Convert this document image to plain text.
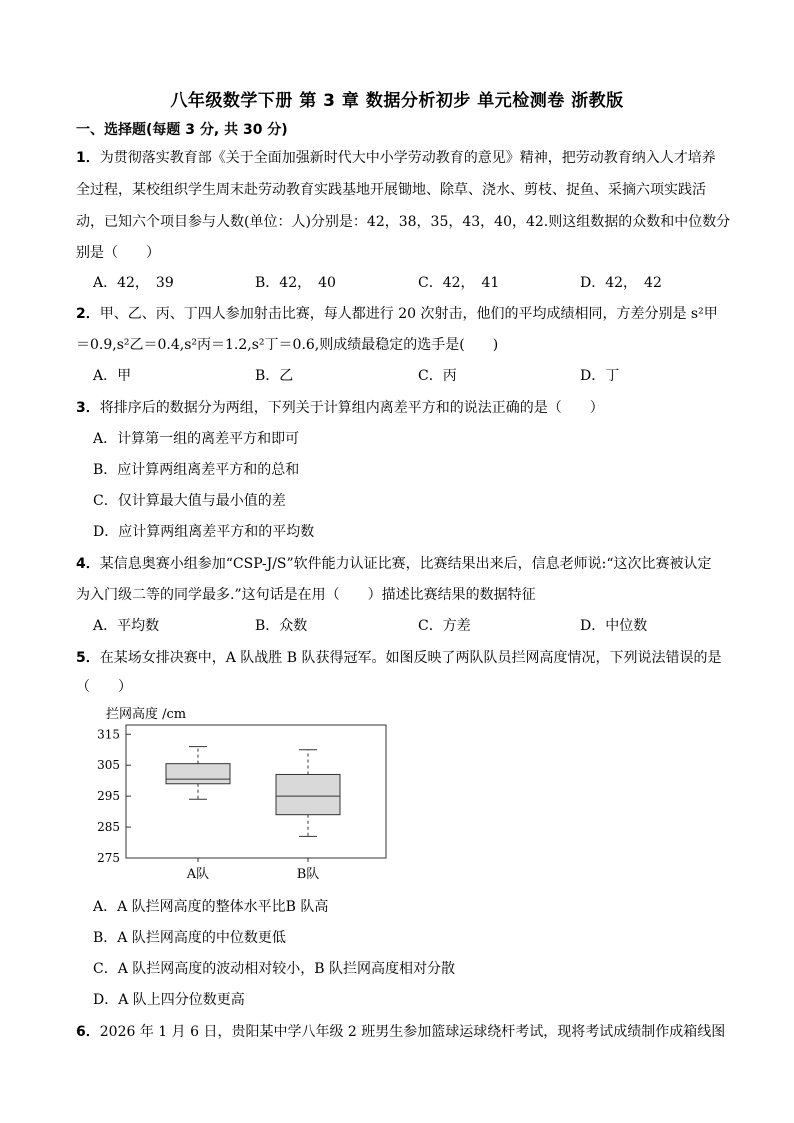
八年级数学下册 第 3 章 数据分析初步 单元检测卷 浙教版
一、选择题(每题 3 分, 共 30 分)
1．为贯彻落实教育部《关于全面加强新时代大中小学劳动教育的意见》精神，把劳动教育纳入人才培养
全过程，某校组织学生周末赴劳动教育实践基地开展锄地、除草、浇水、剪枝、捉鱼、采摘六项实践活
动，已知六个项目参与人数(单位：人)分别是：42，38，35，43，40，42.则这组数据的众数和中位数分
别是（　　）
A．42，　39	B．42，　40	C．42，　41	D．42，　42
2．甲、乙、丙、丁四人参加射击比赛，每人都进行 20 次射击，他们的平均成绩相同，方差分别是 s²甲
＝0.9,s²乙＝0.4,s²丙＝1.2,s²丁＝0.6,则成绩最稳定的选手是(　　)
A．甲	B．乙	C．丙	D．丁
3．将排序后的数据分为两组，下列关于计算组内离差平方和的说法正确的是（　　）
A．计算第一组的离差平方和即可
B．应计算两组离差平方和的总和
C．仅计算最大值与最小值的差
D．应计算两组离差平方和的平均数
4．某信息奥赛小组参加“CSP-J/S”软件能力认证比赛，比赛结果出来后，信息老师说:“这次比赛被认定
为入门级二等的同学最多.”这句话是在用（　　）描述比赛结果的数据特征
A．平均数	B．众数	C．方差	D．中位数
5．在某场女排决赛中，A 队战胜 B 队获得冠军。如图反映了两队队员拦网高度情况，下列说法错误的是
（　　）
拦网高度 /cm
275
285
295
305
315
A队	B队
A．A 队拦网高度的整体水平比B 队高
B．A 队拦网高度的中位数更低
C．A 队拦网高度的波动相对较小，B 队拦网高度相对分散
D．A 队上四分位数更高
6．2026 年 1 月 6 日，贵阳某中学八年级 2 班男生参加篮球运球绕杆考试，现将考试成绩制作成箱线图
